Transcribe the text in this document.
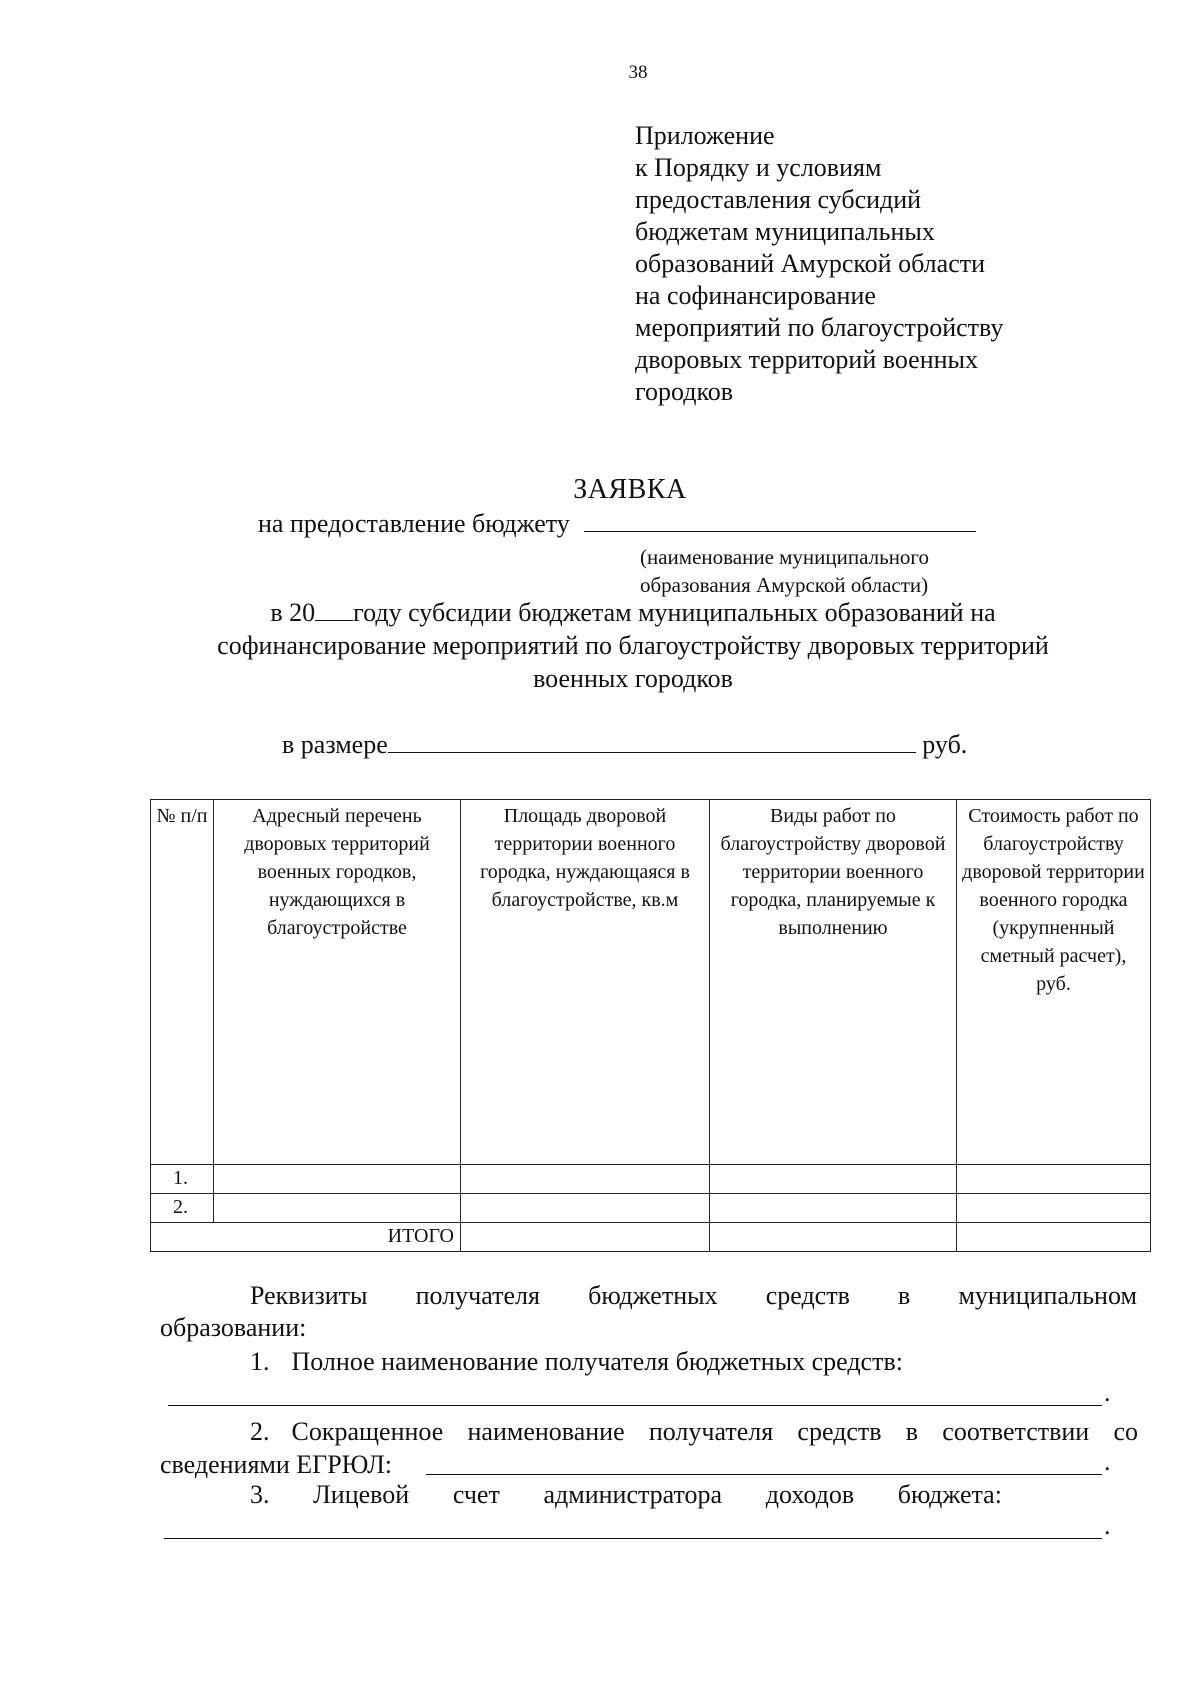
38
Приложение
к Порядку и условиям
предоставления субсидий
бюджетам муниципальных
образований Амурской области
на софинансирование
мероприятий по благоустройству
дворовых территорий военных
городков
ЗАЯВКА
на предоставление бюджету
(наименование муниципального
образования Амурской области)
в 20 году субсидии бюджетам муниципальных образований на
софинансирование мероприятий по благоустройству дворовых территорий
военных городков
в размере	руб.
№ п/п	Адресный перечень дворовых территорий военных городков, нуждающихся в благоустройстве	Площадь дворовой территории военного городка, нуждающаяся в благоустройстве, кв.м	Виды работ по благоустройству дворовой территории военного городка, планируемые к выполнению	Стоимость работ по благоустройству дворовой территории военного городка (укрупненный сметный расчет), руб.
1.				
2.				
ИТОГО				
Реквизиты получателя бюджетных средств в муниципальном
образовании:
1. Полное наименование получателя бюджетных средств:
.
2. Сокращенное наименование получателя средств в соответствии со
сведениями ЕГРЮЛ:	.
3. Лицевой счет администратора доходов бюджета:
.
